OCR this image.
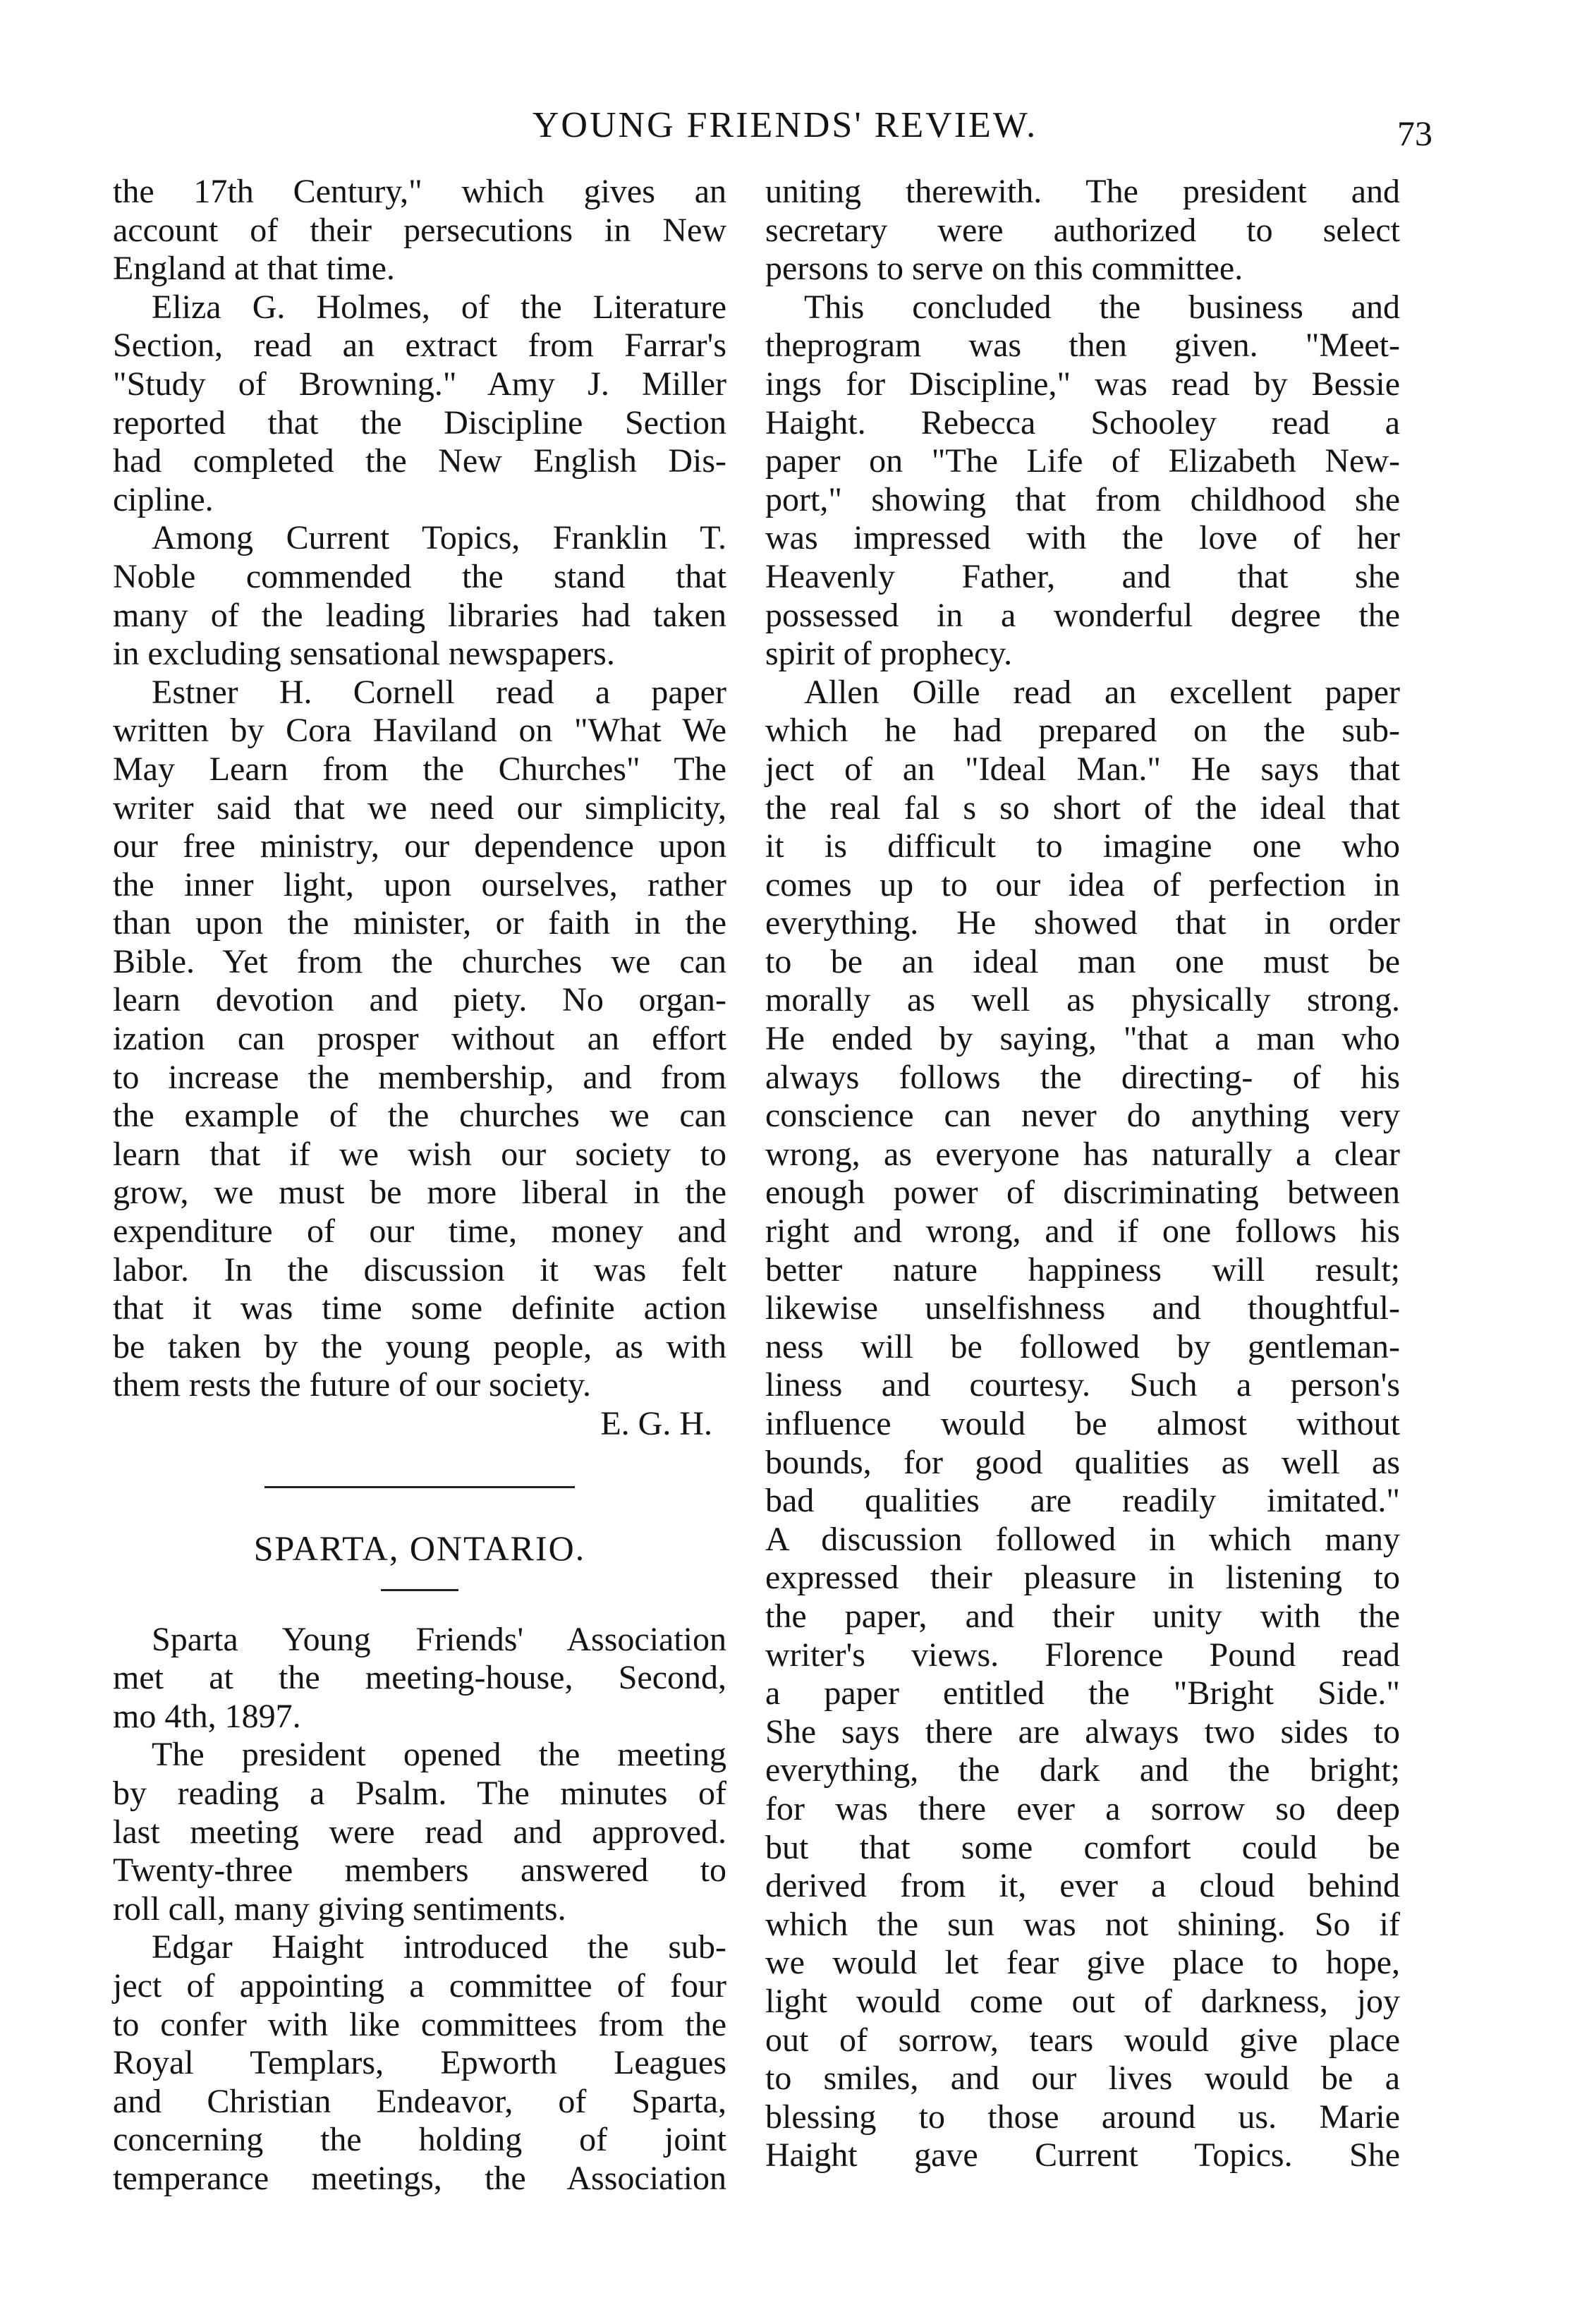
YOUNG FRIENDS' REVIEW.	73
the 17th Century," which gives an
account of their persecutions in New
England at that time.
Eliza G. Holmes, of the Literature
Section, read an extract from Farrar's
"Study of Browning." Amy J. Miller
reported that the Discipline Section
had completed the New English Dis-
cipline.
Among Current Topics, Franklin T.
Noble commended the stand that
many of the leading libraries had taken
in excluding sensational newspapers.
Estner H. Cornell read a paper
written by Cora Haviland on "What We
May Learn from the Churches" The
writer said that we need our simplicity,
our free ministry, our dependence upon
the inner light, upon ourselves, rather
than upon the minister, or faith in the
Bible. Yet from the churches we can
learn devotion and piety. No organ-
ization can prosper without an effort
to increase the membership, and from
the example of the churches we can
learn that if we wish our society to
grow, we must be more liberal in the
expenditure of our time, money and
labor. In the discussion it was felt
that it was time some definite action
be taken by the young people, as with
them rests the future of our society.
E. G. H.
SPARTA, ONTARIO.
Sparta Young Friends' Association
met at the meeting-house, Second,
mo 4th, 1897.
The president opened the meeting
by reading a Psalm. The minutes of
last meeting were read and approved.
Twenty-three members answered to
roll call, many giving sentiments.
Edgar Haight introduced the sub-
ject of appointing a committee of four
to confer with like committees from the
Royal Templars, Epworth Leagues
and Christian Endeavor, of Sparta,
concerning the holding of joint
temperance meetings, the Association
uniting therewith. The president and
secretary were authorized to select
persons to serve on this committee.
This concluded the business and
theprogram was then given. "Meet-
ings for Discipline," was read by Bessie
Haight. Rebecca Schooley read a
paper on "The Life of Elizabeth New-
port," showing that from childhood she
was impressed with the love of her
Heavenly Father, and that she
possessed in a wonderful degree the
spirit of prophecy.
Allen Oille read an excellent paper
which he had prepared on the sub-
ject of an "Ideal Man." He says that
the real fal s so short of the ideal that
it is difficult to imagine one who
comes up to our idea of perfection in
everything. He showed that in order
to be an ideal man one must be
morally as well as physically strong.
He ended by saying, "that a man who
always follows the directing- of his
conscience can never do anything very
wrong, as everyone has naturally a clear
enough power of discriminating between
right and wrong, and if one follows his
better nature happiness will result;
likewise unselfishness and thoughtful-
ness will be followed by gentleman-
liness and courtesy. Such a person's
influence would be almost without
bounds, for good qualities as well as
bad qualities are readily imitated."
A discussion followed in which many
expressed their pleasure in listening to
the paper, and their unity with the
writer's views. Florence Pound read
a paper entitled the "Bright Side."
She says there are always two sides to
everything, the dark and the bright;
for was there ever a sorrow so deep
but that some comfort could be
derived from it, ever a cloud behind
which the sun was not shining. So if
we would let fear give place to hope,
light would come out of darkness, joy
out of sorrow, tears would give place
to smiles, and our lives would be a
blessing to those around us. Marie
Haight gave Current Topics. She
